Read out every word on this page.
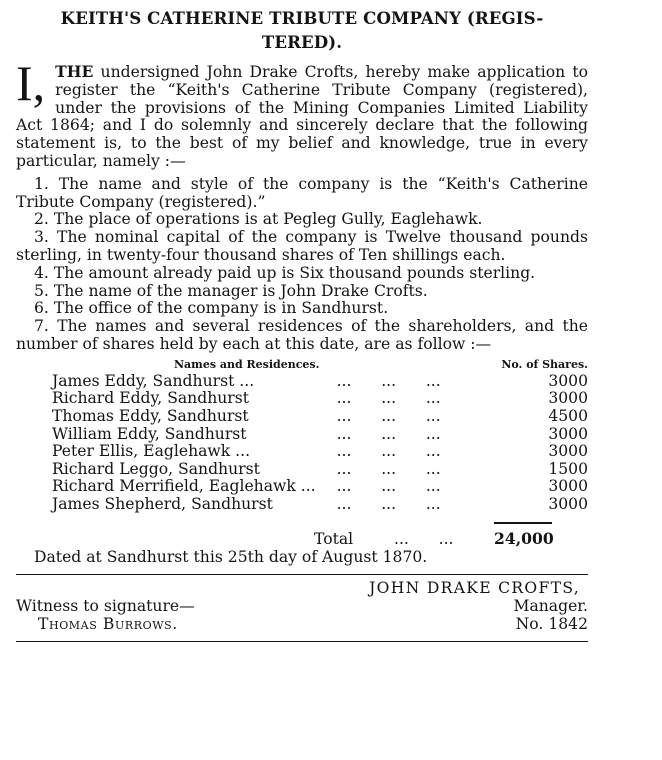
KEITH'S CATHERINE TRIBUTE COMPANY (REGIS-
TERED).
I, THE undersigned John Drake Crofts, hereby make application to register the “Keith's Catherine Tribute Company (registered), under the provisions of the Mining Companies Limited Liability Act 1864; and I do solemnly and sincerely declare that the following statement is, to the best of my belief and knowledge, true in every particular, namely :—

1. The name and style of the company is the “Keith's Catherine Tribute Company (registered).”

2. The place of operations is at Pegleg Gully, Eaglehawk.

3. The nominal capital of the company is Twelve thousand pounds sterling, in twenty-four thousand shares of Ten shillings each.

4. The amount already paid up is Six thousand pounds sterling.

5. The name of the manager is John Drake Crofts.

6. The office of the company is in Sandhurst.

7. The names and several residences of the shareholders, and the number of shares held by each at this date, are as follow :—

Names and Residences.	No. of Shares.
James Eddy, Sandhurst ...	...      ...      ...	3000
Richard Eddy, Sandhurst	...      ...      ...	3000
Thomas Eddy, Sandhurst	...      ...      ...	4500
William Eddy, Sandhurst	...      ...      ...	3000
Peter Ellis, Eaglehawk ...	...      ...      ...	3000
Richard Leggo, Sandhurst	...      ...      ...	1500
Richard Merrifield, Eaglehawk ...	...      ...      ...	3000
James Shepherd, Sandhurst	...      ...      ...	3000
Total	...      ...	24,000

Dated at Sandhurst this 25th day of August 1870.

JOHN DRAKE CROFTS,
Witness to signature—	Manager.
Thomas Burrows.	No. 1842
